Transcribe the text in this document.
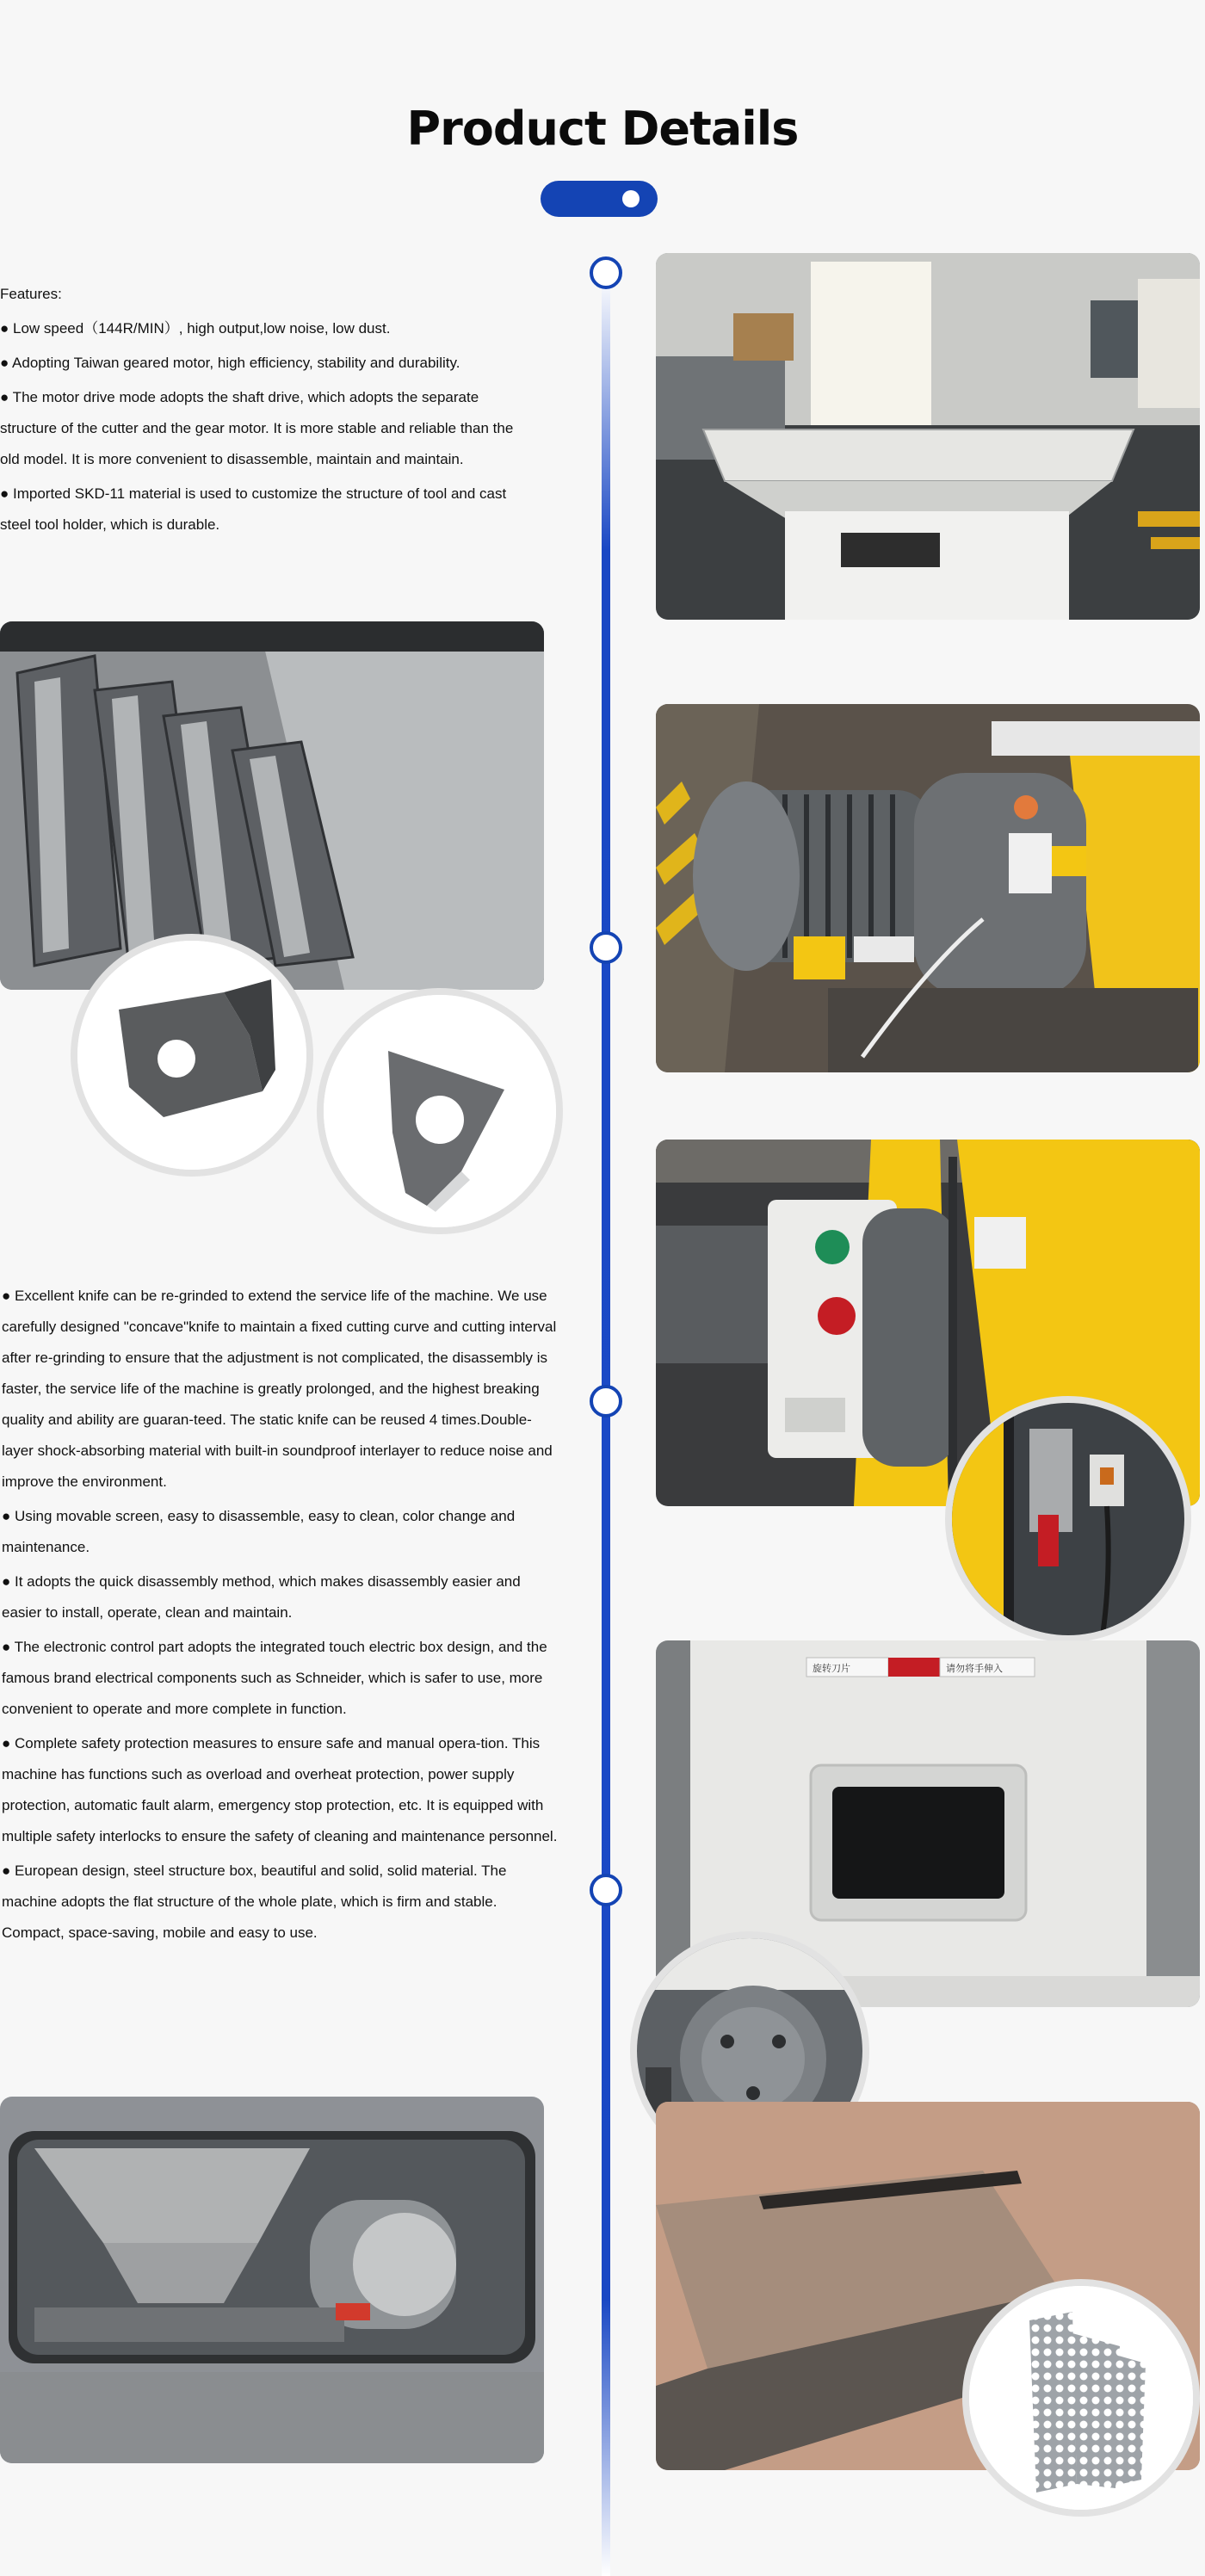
Product Details

Features:

● Low speed（144R/MIN）, high output,low noise, low dust.

● Adopting Taiwan geared motor, high efficiency, stability and durability.

● The motor drive mode adopts the shaft drive, which adopts the separate structure of the cutter and the gear motor. It is more stable and reliable than the old model. It is more convenient to disassemble, maintain and maintain.

● Imported SKD-11 material is used to customize the structure of tool and cast steel tool holder, which is durable.

● Excellent knife can be re-grinded to extend the service life of the machine. We use carefully designed "concave"knife to maintain a fixed cutting curve and cutting interval after re-grinding to ensure that the adjustment is not complicated, the disassembly is faster, the service life of the machine is greatly prolonged, and the highest breaking quality and ability are guaran-teed. The static knife can be reused 4 times.Double-layer shock-absorbing material with built-in soundproof interlayer to reduce noise and improve the environment.

● Using movable screen, easy to disassemble, easy to clean, color change and maintenance.

● It adopts the quick disassembly method, which makes disassembly easier and easier to install, operate, clean and maintain.

● The electronic control part adopts the integrated touch electric box design, and the famous brand electrical components such as Schneider, which is safer to use, more convenient to operate and more complete in function.

● Complete safety protection measures to ensure safe and manual opera-tion. This machine has functions such as overload and overheat protection, power supply protection, automatic fault alarm, emergency stop protection, etc. It is equipped with multiple safety interlocks to ensure the safety of cleaning and maintenance personnel.

● European design, steel structure box, beautiful and solid, solid material. The machine adopts the flat structure of the whole plate, which is firm and stable. Compact, space-saving, mobile and easy to use.

旋转刀片	请勿将手伸入
